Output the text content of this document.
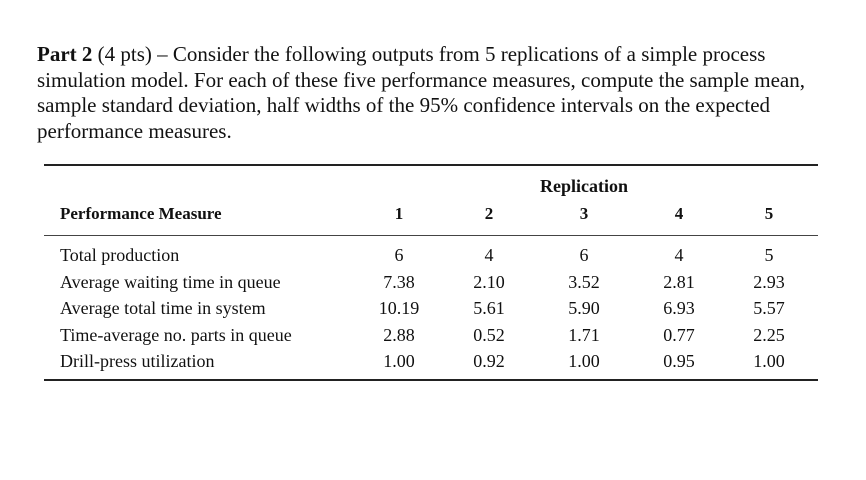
Part 2 (4 pts) – Consider the following outputs from 5 replications of a simple process simulation model. For each of these five performance measures, compute the sample mean, sample standard deviation, half widths of the 95% confidence intervals on the expected performance measures.
Replication
Performance Measure	1	2	3	4	5
Total production	6	4	6	4	5
Average waiting time in queue	7.38	2.10	3.52	2.81	2.93
Average total time in system	10.19	5.61	5.90	6.93	5.57
Time-average no. parts in queue	2.88	0.52	1.71	0.77	2.25
Drill-press utilization	1.00	0.92	1.00	0.95	1.00
